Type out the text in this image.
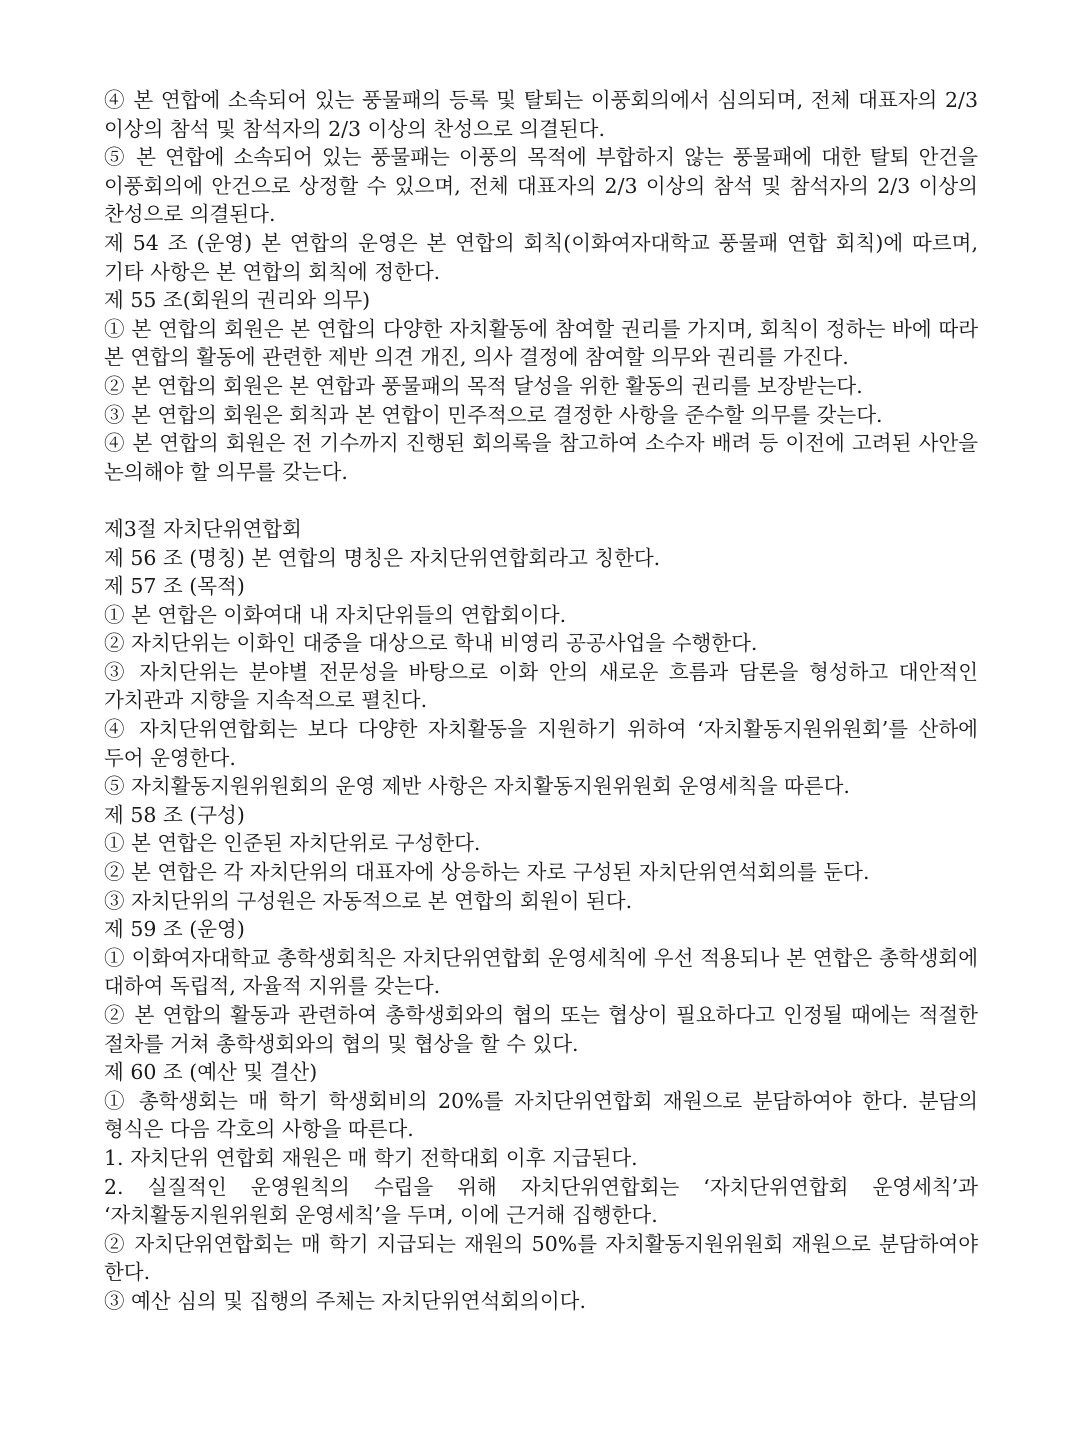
④ 본 연합에 소속되어 있는 풍물패의 등록 및 탈퇴는 이풍회의에서 심의되며, 전체 대표자의 2/3 이상의 참석 및 참석자의 2/3 이상의 찬성으로 의결된다.

⑤ 본 연합에 소속되어 있는 풍물패는 이풍의 목적에 부합하지 않는 풍물패에 대한 탈퇴 안건을 이풍회의에 안건으로 상정할 수 있으며, 전체 대표자의 2/3 이상의 참석 및 참석자의 2/3 이상의 찬성으로 의결된다.

제 54 조 (운영) 본 연합의 운영은 본 연합의 회칙(이화여자대학교 풍물패 연합 회칙)에 따르며, 기타 사항은 본 연합의 회칙에 정한다.

제 55 조(회원의 권리와 의무)

① 본 연합의 회원은 본 연합의 다양한 자치활동에 참여할 권리를 가지며, 회칙이 정하는 바에 따라 본 연합의 활동에 관련한 제반 의견 개진, 의사 결정에 참여할 의무와 권리를 가진다.

② 본 연합의 회원은 본 연합과 풍물패의 목적 달성을 위한 활동의 권리를 보장받는다.

③ 본 연합의 회원은 회칙과 본 연합이 민주적으로 결정한 사항을 준수할 의무를 갖는다.

④ 본 연합의 회원은 전 기수까지 진행된 회의록을 참고하여 소수자 배려 등 이전에 고려된 사안을 논의해야 할 의무를 갖는다.

제3절 자치단위연합회

제 56 조 (명칭) 본 연합의 명칭은 자치단위연합회라고 칭한다.

제 57 조 (목적)

① 본 연합은 이화여대 내 자치단위들의 연합회이다.

② 자치단위는 이화인 대중을 대상으로 학내 비영리 공공사업을 수행한다.

③ 자치단위는 분야별 전문성을 바탕으로 이화 안의 새로운 흐름과 담론을 형성하고 대안적인 가치관과 지향을 지속적으로 펼친다.

④ 자치단위연합회는 보다 다양한 자치활동을 지원하기 위하여 ‘자치활동지원위원회’를 산하에 두어 운영한다.

⑤ 자치활동지원위원회의 운영 제반 사항은 자치활동지원위원회 운영세칙을 따른다.

제 58 조 (구성)

① 본 연합은 인준된 자치단위로 구성한다.

② 본 연합은 각 자치단위의 대표자에 상응하는 자로 구성된 자치단위연석회의를 둔다.

③ 자치단위의 구성원은 자동적으로 본 연합의 회원이 된다.

제 59 조 (운영)

① 이화여자대학교 총학생회칙은 자치단위연합회 운영세칙에 우선 적용되나 본 연합은 총학생회에 대하여 독립적, 자율적 지위를 갖는다.

② 본 연합의 활동과 관련하여 총학생회와의 협의 또는 협상이 필요하다고 인정될 때에는 적절한 절차를 거쳐 총학생회와의 협의 및 협상을 할 수 있다.

제 60 조 (예산 및 결산)

① 총학생회는 매 학기 학생회비의 20%를 자치단위연합회 재원으로 분담하여야 한다. 분담의 형식은 다음 각호의 사항을 따른다.

1. 자치단위 연합회 재원은 매 학기 전학대회 이후 지급된다.

2. 실질적인 운영원칙의 수립을 위해 자치단위연합회는 ‘자치단위연합회 운영세칙’과 ‘자치활동지원위원회 운영세칙’을 두며, 이에 근거해 집행한다.

② 자치단위연합회는 매 학기 지급되는 재원의 50%를 자치활동지원위원회 재원으로 분담하여야 한다.

③ 예산 심의 및 집행의 주체는 자치단위연석회의이다.
